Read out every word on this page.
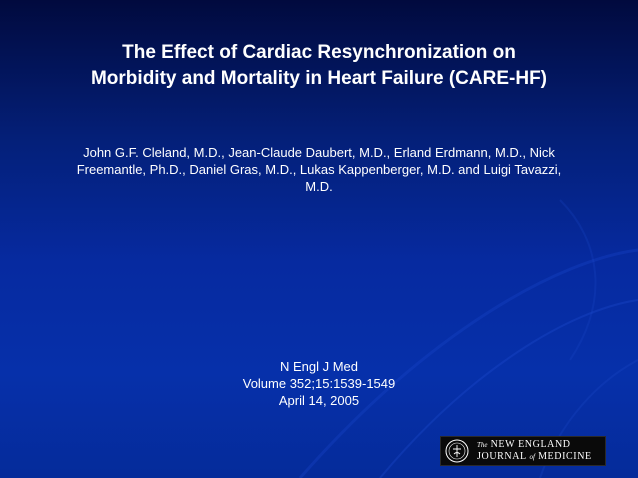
The Effect of Cardiac Resynchronization on
Morbidity and Mortality in Heart Failure (CARE-HF)

John G.F. Cleland, M.D., Jean-Claude Daubert, M.D., Erland Erdmann, M.D., Nick
Freemantle, Ph.D., Daniel Gras, M.D., Lukas Kappenberger, M.D. and Luigi Tavazzi,
M.D.

N Engl J Med
Volume 352;15:1539-1549
April 14, 2005
The NEW ENGLAND
JOURNAL of MEDICINE
